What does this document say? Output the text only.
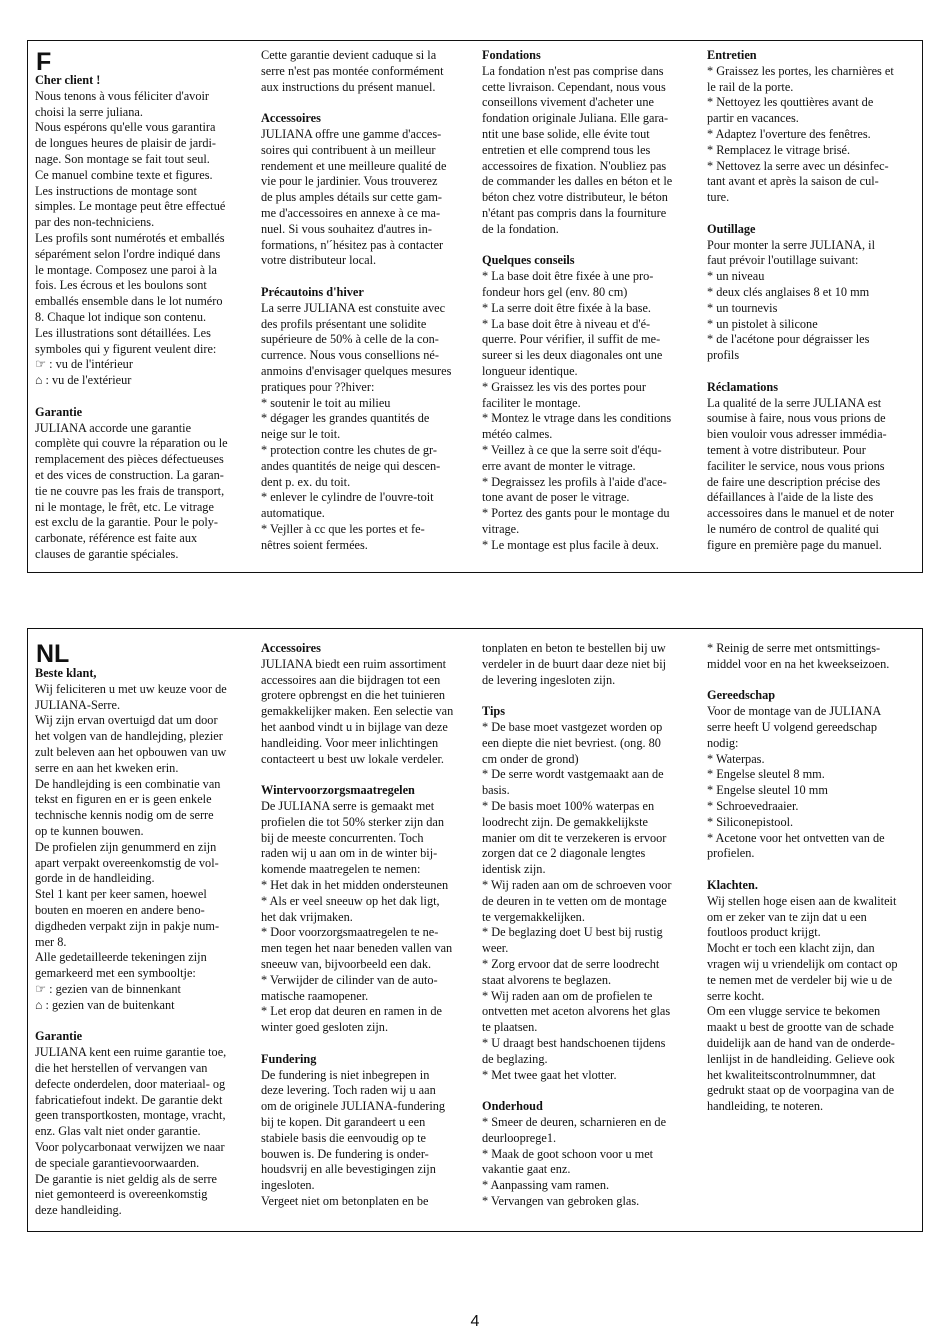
F

Cher client !

Nous tenons à vous féliciter d'avoir

choisi la serre juliana.

Nous espérons qu'elle vous garantira

de longues heures de plaisir de jardi-

nage. Son montage se fait tout seul.

Ce manuel combine texte et figures.

Les instructions de montage sont

simples. Le montage peut être effectué

par des non-techniciens.

Les profils sont numérotés et emballés

séparément selon l'ordre indiqué dans

le montage. Composez une paroi à la

fois. Les écrous et les boulons sont

emballés ensemble dans le lot numéro

8. Chaque lot indique son contenu.

Les illustrations sont détaillées. Les

symboles qui y figurent veulent dire:

☞ : vu de l'intérieur

⌂ : vu de l'extérieur

Garantie

JULIANA accorde une garantie

complète qui couvre la réparation ou le

remplacement des pièces défectueuses

et des vices de construction. La garan-

tie ne couvre pas les frais de transport,

ni le montage, le frêt, etc. Le vitrage

est exclu de la garantie. Pour le poly-

carbonate, référence est faite aux

clauses de garantie spéciales.

Cette garantie devient caduque si la

serre n'est pas montée conformément

aux instructions du présent manuel.

Accessoires

JULIANA offre une gamme d'acces-

soires qui contribuent à un meilleur

rendement et une meilleure qualité de

vie pour le jardinier. Vous trouverez

de plus amples détails sur cette gam-

me d'accessoires en annexe à ce ma-

nuel. Si vous souhaitez d'autres in-

formations, n'´hésitez pas à contacter

votre distributeur local.

Précautoins d'hiver

La serre JULIANA est constuite avec

des profils présentant une solidite

supérieure de 50% à celle de la con-

currence. Nous vous consellions né-

anmoins d'envisager quelques mesures

pratiques pour ??hiver:

* soutenir le toit au milieu

* dégager les grandes quantités de

neige sur le toit.

* protection contre les chutes de gr-

andes quantités de neige qui descen-

dent p. ex. du toit.

* enlever le cylindre de l'ouvre-toit

automatique.

* Vejller à cc que les portes et fe-

nêtres soient fermées.

Fondations

La fondation n'est pas comprise dans

cette livraison. Cependant, nous vous

conseillons vivement d'acheter une

fondation originale Juliana. Elle gara-

ntit une base solide, elle évite tout

entretien et elle comprend tous les

accessoires de fixation. N'oubliez pas

de commander les dalles en béton et le

béton chez votre distributeur, le béton

n'étant pas compris dans la fourniture

de la fondation.

Quelques conseils

* La base doit être fixée à une pro-

fondeur hors gel (env. 80 cm)

* La serre doit être fixée à la base.

* La base doit être à niveau et d'é-

querre. Pour vérifier, il suffit de me-

sureer si les deux diagonales ont une

longueur identique.

* Graissez les vis des portes pour

faciliter le montage.

* Montez le vtrage dans les conditions

météo calmes.

* Veillez à ce que la serre soit d'équ-

erre avant de monter le vitrage.

* Degraissez les profils à l'aide d'ace-

tone avant de poser le vitrage.

* Portez des gants pour le montage du

vitrage.

* Le montage est plus facile à deux.

Entretien

* Graissez les portes, les charnières et

le rail de la porte.

* Nettoyez les qouttières avant de

partir en vacances.

* Adaptez l'overture des fenêtres.

* Remplacez le vitrage brisé.

* Nettovez la serre avec un désinfec-

tant avant et après la saison de cul-

ture.

Outillage

Pour monter la serre JULIANA, il

faut prévoir l'outillage suivant:

* un niveau

* deux clés anglaises 8 et 10 mm

* un tournevis

* un pistolet à silicone

* de l'acétone pour dégraisser les

profils

Réclamations

La qualité de la serre JULIANA est

soumise à faire, nous vous prions de

bien vouloir vous adresser immédia-

tement à votre distributeur. Pour

faciliter le service, nous vous prions

de faire une description précise des

défaillances à l'aide de la liste des

accessoires dans le manuel et de noter

le numéro de control de qualité qui

figure en première page du manuel.

NL

Beste klant,

Wij feliciteren u met uw keuze voor de

JULIANA-Serre.

Wij zijn ervan overtuigd dat um door

het volgen van de handlejding, plezier

zult beleven aan het opbouwen van uw

serre en aan het kweken erin.

De handlejding is een combinatie van

tekst en figuren en er is geen enkele

technische kennis nodig om de serre

op te kunnen bouwen.

De profielen zijn genummerd en zijn

apart verpakt overeenkomstig de vol-

gorde in de handleiding.

Stel 1 kant per keer samen, hoewel

bouten en moeren en andere beno-

digdheden verpakt zijn in pakje num-

mer 8.

Alle gedetailleerde tekeningen zijn

gemarkeerd met een symbooltje:

☞ : gezien van de binnenkant

⌂ : gezien van de buitenkant

Garantie

JULIANA kent een ruime garantie toe,

die het herstellen of vervangen van

defecte onderdelen, door materiaal- og

fabricatiefout indekt. De garantie dekt

geen transportkosten, montage, vracht,

enz. Glas valt niet onder garantie.

Voor polycarbonaat verwijzen we naar

de speciale garantievoorwaarden.

De garantie is niet geldig als de serre

niet gemonteerd is overeenkomstig

deze handleiding.

Accessoires

JULIANA biedt een ruim assortiment

accessoires aan die bijdragen tot een

grotere opbrengst en die het tuinieren

gemakkelijker maken. Een selectie van

het aanbod vindt u in bijlage van deze

handleiding. Voor meer inlichtingen

contacteert u best uw lokale verdeler.

Wintervoorzorgsmaatregelen

De JULIANA serre is gemaakt met

profielen die tot 50% sterker zijn dan

bij de meeste concurrenten. Toch

raden wij u aan om in de winter bij-

komende maatregelen te nemen:

* Het dak in het midden ondersteunen

* Als er veel sneeuw op het dak ligt,

het dak vrijmaken.

* Door voorzorgsmaatregelen te ne-

men tegen het naar beneden vallen van

sneeuw van, bijvoorbeeld een dak.

* Verwijder de cilinder van de auto-

matische raamopener.

* Let erop dat deuren en ramen in de

winter goed gesloten zijn.

Fundering

De fundering is niet inbegrepen in

deze levering. Toch raden wij u aan

om de originele JULIANA-fundering

bij te kopen. Dit garandeert u een

stabiele basis die eenvoudig op te

bouwen is. De fundering is onder-

houdsvrij en alle bevestigingen zijn

ingesloten.

Vergeet niet om betonplaten en be

tonplaten en beton te bestellen bij uw

verdeler in de buurt daar deze niet bij

de levering ingesloten zijn.

Tips

* De base moet vastgezet worden op

een diepte die niet bevriest. (ong. 80

cm onder de grond)

* De serre wordt vastgemaakt aan de

basis.

* De basis moet 100% waterpas en

loodrecht zijn. De gemakkelijkste

manier om dit te verzekeren is ervoor

zorgen dat ce 2 diagonale lengtes

identisk zijn.

* Wij raden aan om de schroeven voor

de deuren in te vetten om de montage

te vergemakkelijken.

* De beglazing doet U best bij rustig

weer.

* Zorg ervoor dat de serre loodrecht

staat alvorens te beglazen.

* Wij raden aan om de profielen te

ontvetten met aceton alvorens het glas

te plaatsen.

* U draagt best handschoenen tijdens

de beglazing.

* Met twee gaat het vlotter.

Onderhoud

* Smeer de deuren, scharnieren en de

deurlooprege1.

* Maak de goot schoon voor u met

vakantie gaat enz.

* Aanpassing vam ramen.

* Vervangen van gebroken glas.

* Reinig de serre met ontsmittings-

middel voor en na het kweekseizoen.

Gereedschap

Voor de montage van de JULIANA

serre heeft U volgend gereedschap

nodig:

* Waterpas.

* Engelse sleutel 8 mm.

* Engelse sleutel 10 mm

* Schroevedraaier.

* Siliconepistool.

* Acetone voor het ontvetten van de

profielen.

Klachten.

Wij stellen hoge eisen aan de kwaliteit

om er zeker van te zijn dat u een

foutloos product krijgt.

Mocht er toch een klacht zijn, dan

vragen wij u vriendelijk om contact op

te nemen met de verdeler bij wie u de

serre kocht.

Om een vlugge service te bekomen

maakt u best de grootte van de schade

duidelijk aan de hand van de onderde-

lenlijst in de handleiding. Gelieve ook

het kwaliteitscontrolnummner, dat

gedrukt staat op de voorpagina van de

handleiding, te noteren.

4
